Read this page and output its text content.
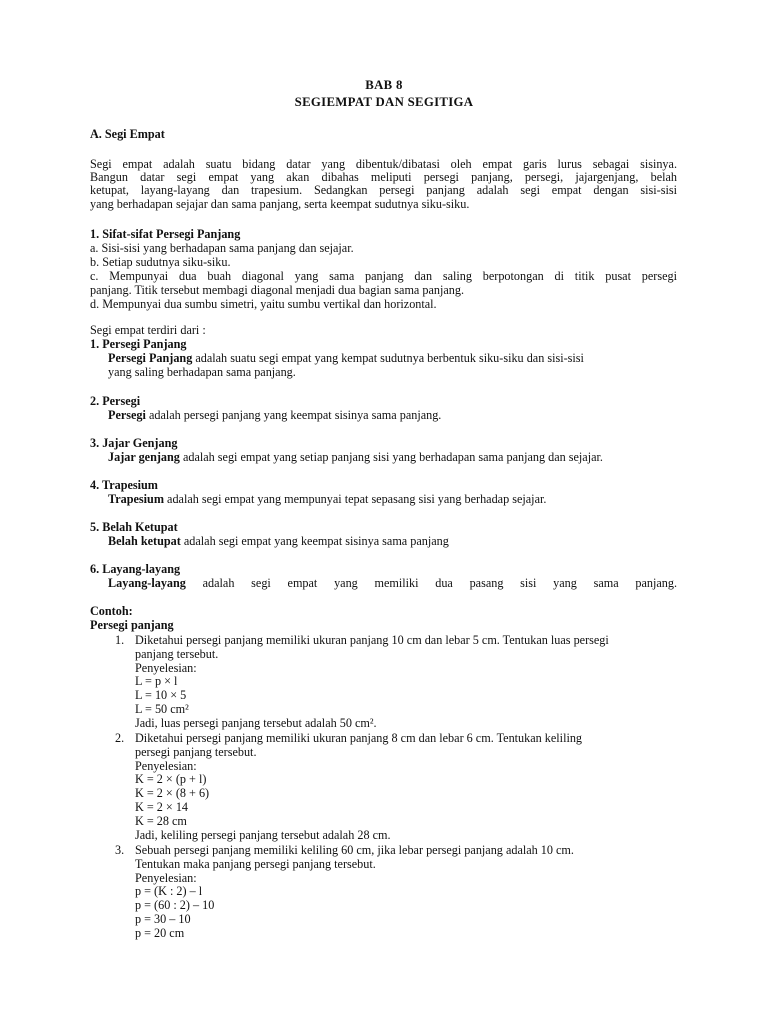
BAB 8
SEGIEMPAT DAN SEGITIGA
A. Segi Empat
Segi empat adalah suatu bidang datar yang dibentuk/dibatasi oleh empat garis lurus sebagai sisinya.
Bangun datar segi empat yang akan dibahas meliputi persegi panjang, persegi, jajargenjang, belah
ketupat, layang-layang dan trapesium. Sedangkan persegi panjang adalah segi empat dengan sisi-sisi
yang berhadapan sejajar dan sama panjang, serta keempat sudutnya siku-siku.
1. Sifat-sifat Persegi Panjang
a. Sisi-sisi yang berhadapan sama panjang dan sejajar.
b. Setiap sudutnya siku-siku.
c. Mempunyai dua buah diagonal yang sama panjang dan saling berpotongan di titik pusat persegi
panjang. Titik tersebut membagi diagonal menjadi dua bagian sama panjang.
d. Mempunyai dua sumbu simetri, yaitu sumbu vertikal dan horizontal.
Segi empat terdiri dari :
1. Persegi Panjang
Persegi Panjang adalah suatu segi empat yang kempat sudutnya berbentuk siku-siku dan sisi-sisi
yang saling berhadapan sama panjang.
2. Persegi
Persegi adalah persegi panjang yang keempat sisinya sama panjang.
3. Jajar Genjang
Jajar genjang adalah segi empat yang setiap panjang sisi yang berhadapan sama panjang dan sejajar.
4. Trapesium
Trapesium adalah segi empat yang mempunyai tepat sepasang sisi yang berhadap sejajar.
5. Belah Ketupat
Belah ketupat adalah segi empat yang keempat sisinya sama panjang
6. Layang-layang
Layang-layang adalah segi empat yang memiliki dua pasang sisi yang sama panjang.
Contoh:
Persegi panjang
1. Diketahui persegi panjang memiliki ukuran panjang 10 cm dan lebar 5 cm. Tentukan luas persegi
panjang tersebut.
Penyelesian:
L = p × l
L = 10 × 5
L = 50 cm²
Jadi, luas persegi panjang tersebut adalah 50 cm².
2. Diketahui persegi panjang memiliki ukuran panjang 8 cm dan lebar 6 cm. Tentukan keliling
persegi panjang tersebut.
Penyelesian:
K = 2 × (p + l)
K = 2 × (8 + 6)
K = 2 × 14
K = 28 cm
Jadi, keliling persegi panjang tersebut adalah 28 cm.
3. Sebuah persegi panjang memiliki keliling 60 cm, jika lebar persegi panjang adalah 10 cm.
Tentukan maka panjang persegi panjang tersebut.
Penyelesian:
p = (K : 2) – l
p = (60 : 2) – 10
p = 30 – 10
p = 20 cm
